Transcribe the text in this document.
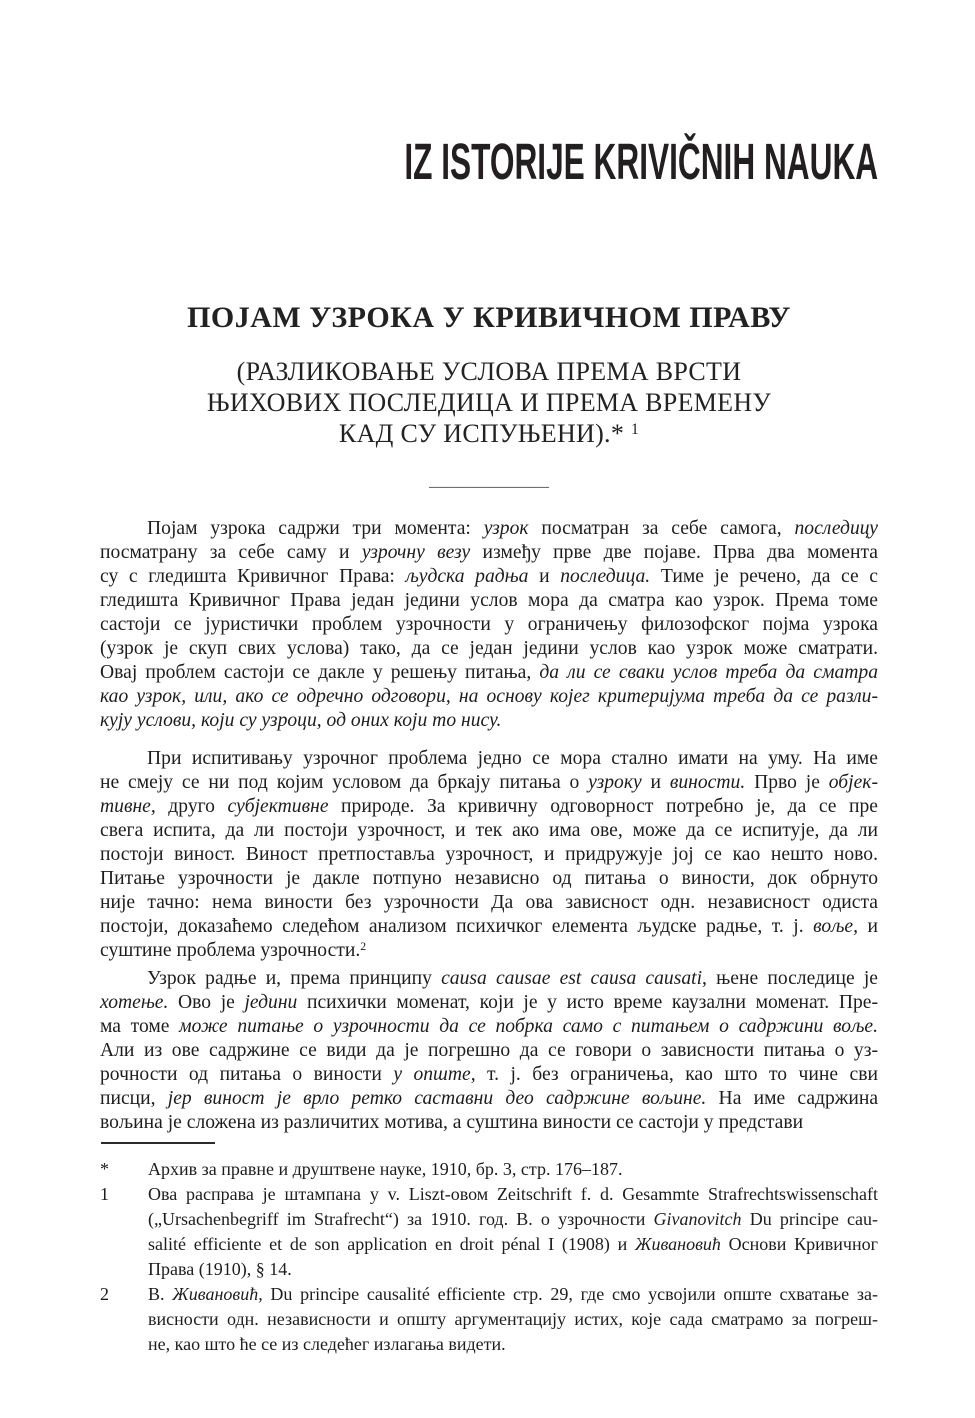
IZ ISTORIJE KRIVIČNIH NAUKA
ПОЈАМ УЗРОКА У КРИВИЧНОМ ПРАВУ
(РАЗЛИКОВАЊЕ УСЛОВА ПРЕМА ВРСТИ
ЊИХОВИХ ПОСЛЕДИЦА И ПРЕМА ВРЕМЕНУ
КАД СУ ИСПУЊЕНИ).* $^1$
————————
Појам узрока садржи три момента: узрок посматран за себе самога, последицу
посматрану за себе саму и узрочну везу између прве две појаве. Прва два момента
су с гледишта Кривичног Права: људска радња и последица. Тиме је речено, да се с
гледишта Кривичног Права један једини услов мора да сматра као узрок. Према томе
састоји се јуристички проблем узрочности у ограничењу филозофског појма узрока
(узрок је скуп свих услова) тако, да се један једини услов као узрок може сматрати.
Овај проблем састоји се дакле у решењу питања, да ли се сваки услов треба да сматра
као узрок, или, ако се одречно одговори, на основу којег критеријума треба да се разли-
кују услови, који су узроци, од оних који то нису.
При испитивању узрочног проблема једно се мора стално имати на уму. На име
не смеју се ни под којим условом да бркају питања о узроку и виности. Прво је објек-
тивне, друго субјективне природе. За кривичну одговорност потребно је, да се пре
свега испита, да ли постоји узрочност, и тек ако има ове, може да се испитује, да ли
постоји виност. Виност претпоставља узрочност, и придружује јој се као нешто ново.
Питање узрочности је дакле потпуно независно од питања о виности, док обрнуто
није тачно: нема виности без узрочности Да ова зависност одн. независност одиста
постоји, доказаћемо следећом анализом психичког елемента људске радње, т. ј. воље, и
суштине проблема узрочности.$^2$
Узрок радње и, према принципу causa causae est causa causati, њене последице је
хотење. Ово је једини психички моменат, који је у исто време каузални моменат. Пре-
ма томе може питање о узрочности да се побрка само с питањем о садржини воље.
Али из ове садржине се види да је погрешно да се говори о зависности питања о уз-
рочности од питања о виности у опште, т. ј. без ограничења, као што то чине сви
писци, јер виност је врло ретко саставни део садржине вољине. На име садржина
вољина је сложена из различитих мотива, а суштина виности се састоји у представи
*	Архив за правне и друштвене науке, 1910, бр. 3, стр. 176–187.
1	Ова расправа је штампана у v. Liszt-овом Zeitschrift f. d. Gesammte Strafrechtswissenschaft
(„Ursachenbegriff im Strafrecht“) за 1910. год. В. о узрочности Givanovitch Du principe cau-
salité efficiente et de son application en droit pénal I (1908) и Живановић Основи Кривичног
Права (1910), § 14.
2	В. Живановић, Du principe causalité efficiente стр. 29, где смо усвојили опште схватање за-
висности одн. независности и општу аргументацију истих, које сада сматрамо за погреш-
не, као што ће се из следећег излагања видети.
